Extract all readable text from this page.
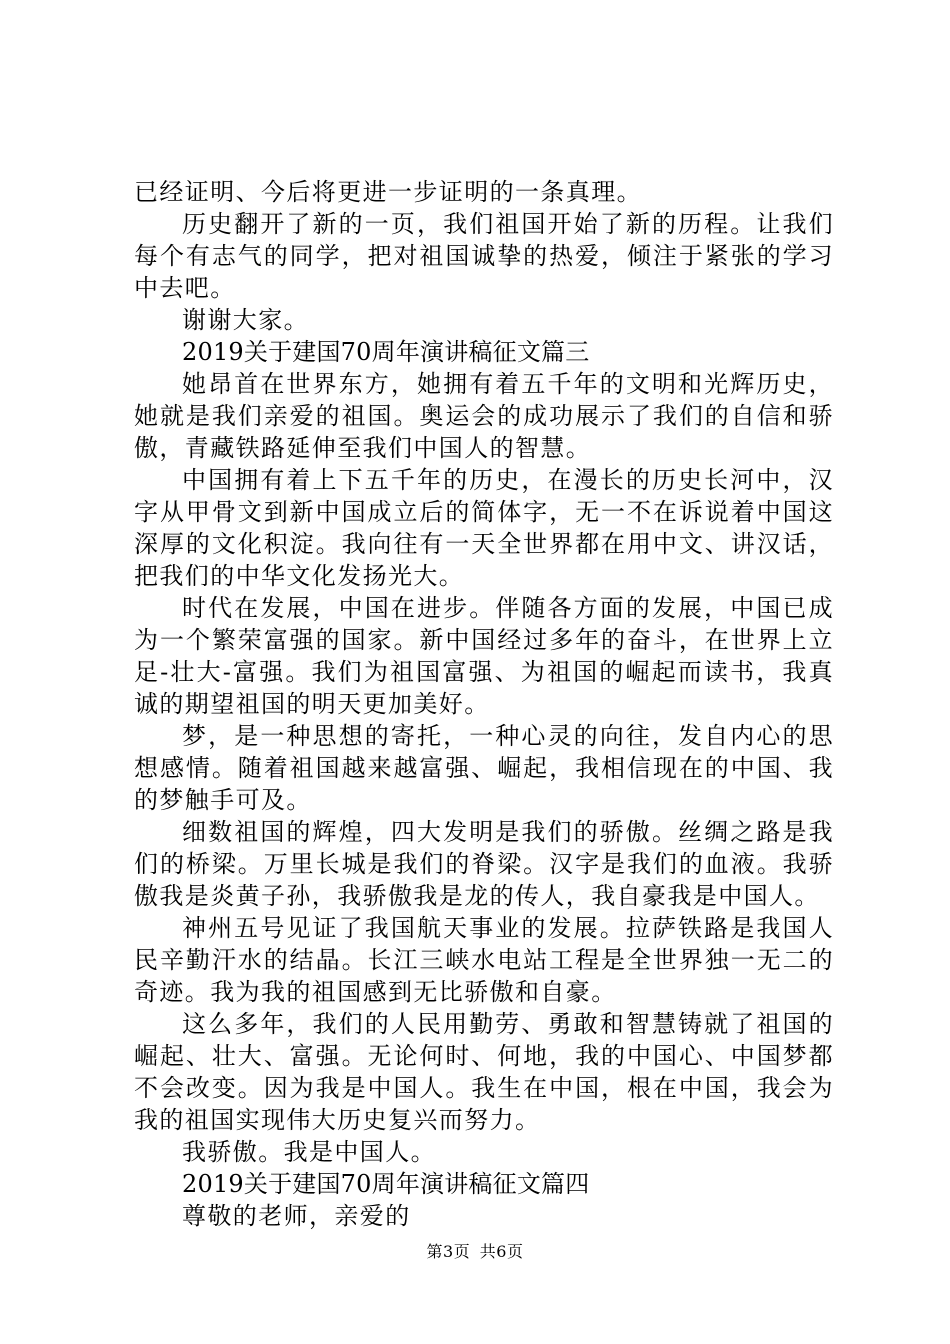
已经证明、今后将更进一步证明的一条真理。

历史翻开了新的一页，我们祖国开始了新的历程。让我们每个有志气的同学，把对祖国诚挚的热爱，倾注于紧张的学习中去吧。

谢谢大家。

2019关于建国70周年演讲稿征文篇三

她昂首在世界东方，她拥有着五千年的文明和光辉历史，她就是我们亲爱的祖国。奥运会的成功展示了我们的自信和骄傲，青藏铁路延伸至我们中国人的智慧。

中国拥有着上下五千年的历史，在漫长的历史长河中，汉字从甲骨文到新中国成立后的简体字，无一不在诉说着中国这深厚的文化积淀。我向往有一天全世界都在用中文、讲汉话，把我们的中华文化发扬光大。

时代在发展，中国在进步。伴随各方面的发展，中国已成为一个繁荣富强的国家。新中国经过多年的奋斗，在世界上立足-壮大-富强。我们为祖国富强、为祖国的崛起而读书，我真诚的期望祖国的明天更加美好。

梦，是一种思想的寄托，一种心灵的向往，发自内心的思想感情。随着祖国越来越富强、崛起，我相信现在的中国、我的梦触手可及。

细数祖国的辉煌，四大发明是我们的骄傲。丝绸之路是我们的桥梁。万里长城是我们的脊梁。汉字是我们的血液。我骄傲我是炎黄子孙，我骄傲我是龙的传人，我自豪我是中国人。

神州五号见证了我国航天事业的发展。拉萨铁路是我国人民辛勤汗水的结晶。长江三峡水电站工程是全世界独一无二的奇迹。我为我的祖国感到无比骄傲和自豪。

这么多年，我们的人民用勤劳、勇敢和智慧铸就了祖国的崛起、壮大、富强。无论何时、何地，我的中国心、中国梦都不会改变。因为我是中国人。我生在中国，根在中国，我会为我的祖国实现伟大历史复兴而努力。

我骄傲。我是中国人。

2019关于建国70周年演讲稿征文篇四

尊敬的老师，亲爱的

第3页 共6页
